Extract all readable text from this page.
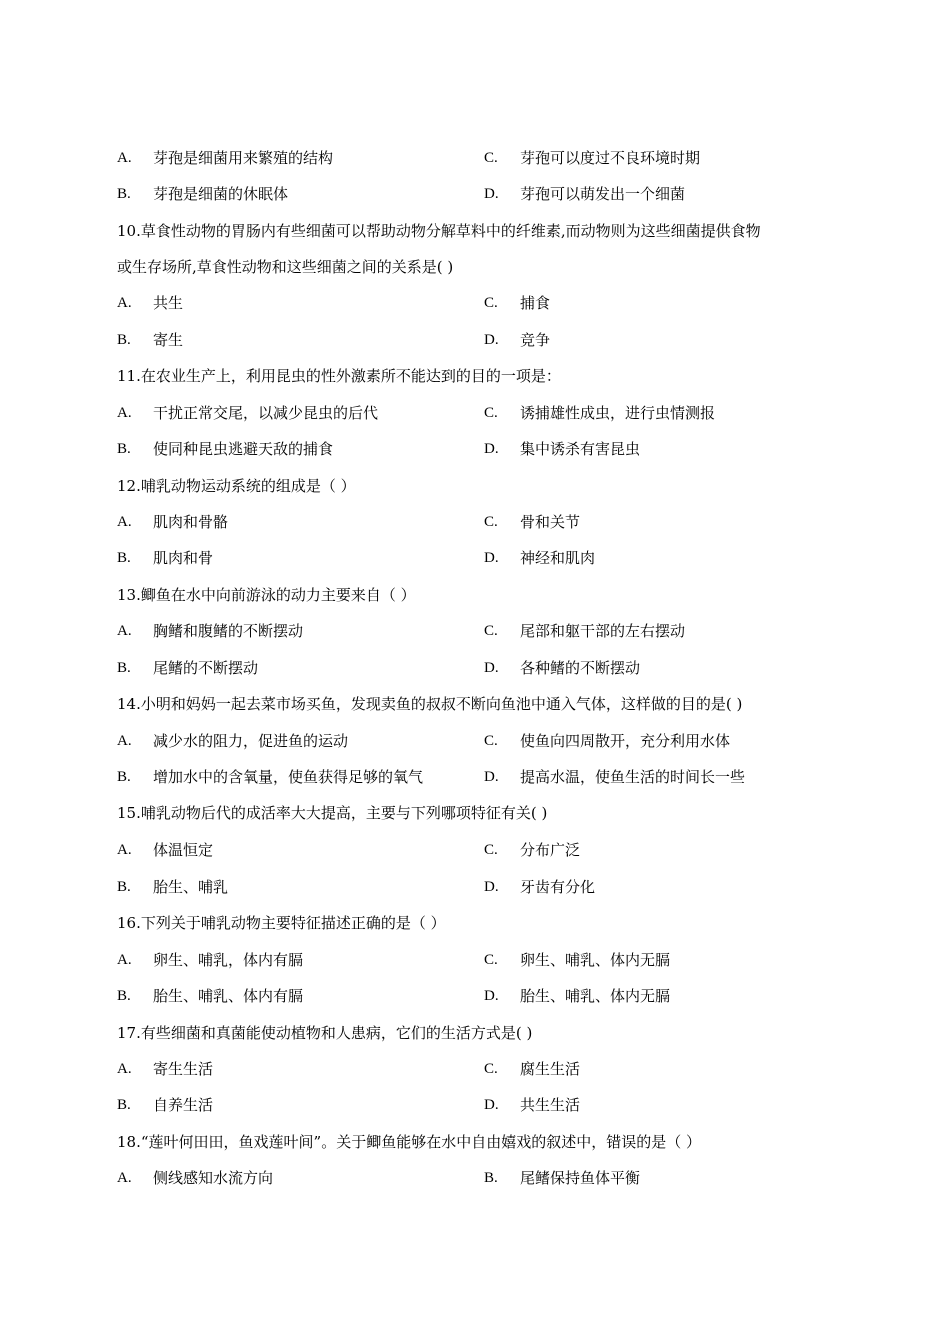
A. 芽孢是细菌用来繁殖的结构	C. 芽孢可以度过不良环境时期
B. 芽孢是细菌的休眠体	D. 芽孢可以萌发出一个细菌
10.草食性动物的胃肠内有些细菌可以帮助动物分解草料中的纤维素,而动物则为这些细菌提供食物
或生存场所,草食性动物和这些细菌之间的关系是( )
A. 共生	C. 捕食
B. 寄生	D. 竞争
11.在农业生产上，利用昆虫的性外激素所不能达到的目的一项是：
A. 干扰正常交尾，以减少昆虫的后代	C. 诱捕雄性成虫，进行虫情测报
B. 使同种昆虫逃避天敌的捕食	D. 集中诱杀有害昆虫
12.哺乳动物运动系统的组成是（ ）
A. 肌肉和骨骼	C. 骨和关节
B. 肌肉和骨	D. 神经和肌肉
13.鲫鱼在水中向前游泳的动力主要来自（ ）
A. 胸鳍和腹鳍的不断摆动	C. 尾部和躯干部的左右摆动
B. 尾鳍的不断摆动	D. 各种鳍的不断摆动
14.小明和妈妈一起去菜市场买鱼，发现卖鱼的叔叔不断向鱼池中通入气体，这样做的目的是( )
A. 减少水的阻力，促进鱼的运动	C. 使鱼向四周散开，充分利用水体
B. 增加水中的含氧量，使鱼获得足够的氧气	D. 提高水温，使鱼生活的时间长一些
15.哺乳动物后代的成活率大大提高，主要与下列哪项特征有关( )
A. 体温恒定	C. 分布广泛
B. 胎生、哺乳	D. 牙齿有分化
16.下列关于哺乳动物主要特征描述正确的是（ ）
A. 卵生、哺乳，体内有膈	C. 卵生、哺乳、体内无膈
B. 胎生、哺乳、体内有膈	D. 胎生、哺乳、体内无膈
17.有些细菌和真菌能使动植物和人患病，它们的生活方式是( )
A. 寄生生活	C. 腐生生活
B. 自养生活	D. 共生生活
18.“莲叶何田田，鱼戏莲叶间”。关于鲫鱼能够在水中自由嬉戏的叙述中，错误的是（ ）
A. 侧线感知水流方向	B. 尾鳍保持鱼体平衡
